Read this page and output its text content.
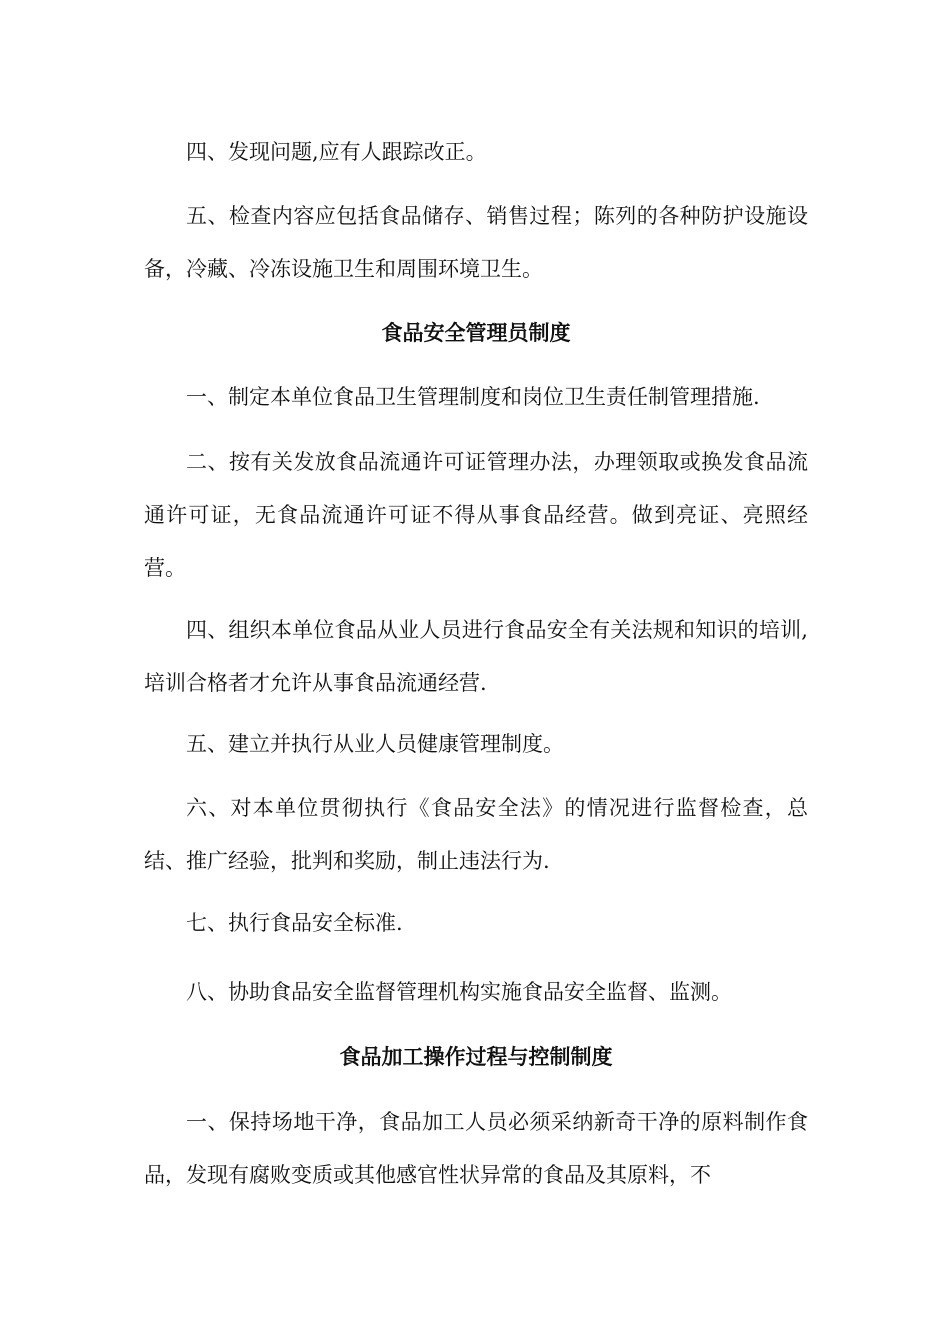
四、发现问题,应有人跟踪改正。

五、检查内容应包括食品储存、销售过程；陈列的各种防护设施设备，冷藏、冷冻设施卫生和周围环境卫生。

食品安全管理员制度

一、制定本单位食品卫生管理制度和岗位卫生责任制管理措施.

二、按有关发放食品流通许可证管理办法，办理领取或换发食品流通许可证，无食品流通许可证不得从事食品经营。做到亮证、亮照经营。

四、组织本单位食品从业人员进行食品安全有关法规和知识的培训,培训合格者才允许从事食品流通经营.

五、建立并执行从业人员健康管理制度。

六、对本单位贯彻执行《食品安全法》的情况进行监督检查，总结、推广经验，批判和奖励，制止违法行为.

七、执行食品安全标准.

八、协助食品安全监督管理机构实施食品安全监督、监测。

食品加工操作过程与控制制度

一、保持场地干净，食品加工人员必须采纳新奇干净的原料制作食品，发现有腐败变质或其他感官性状异常的食品及其原料，不
